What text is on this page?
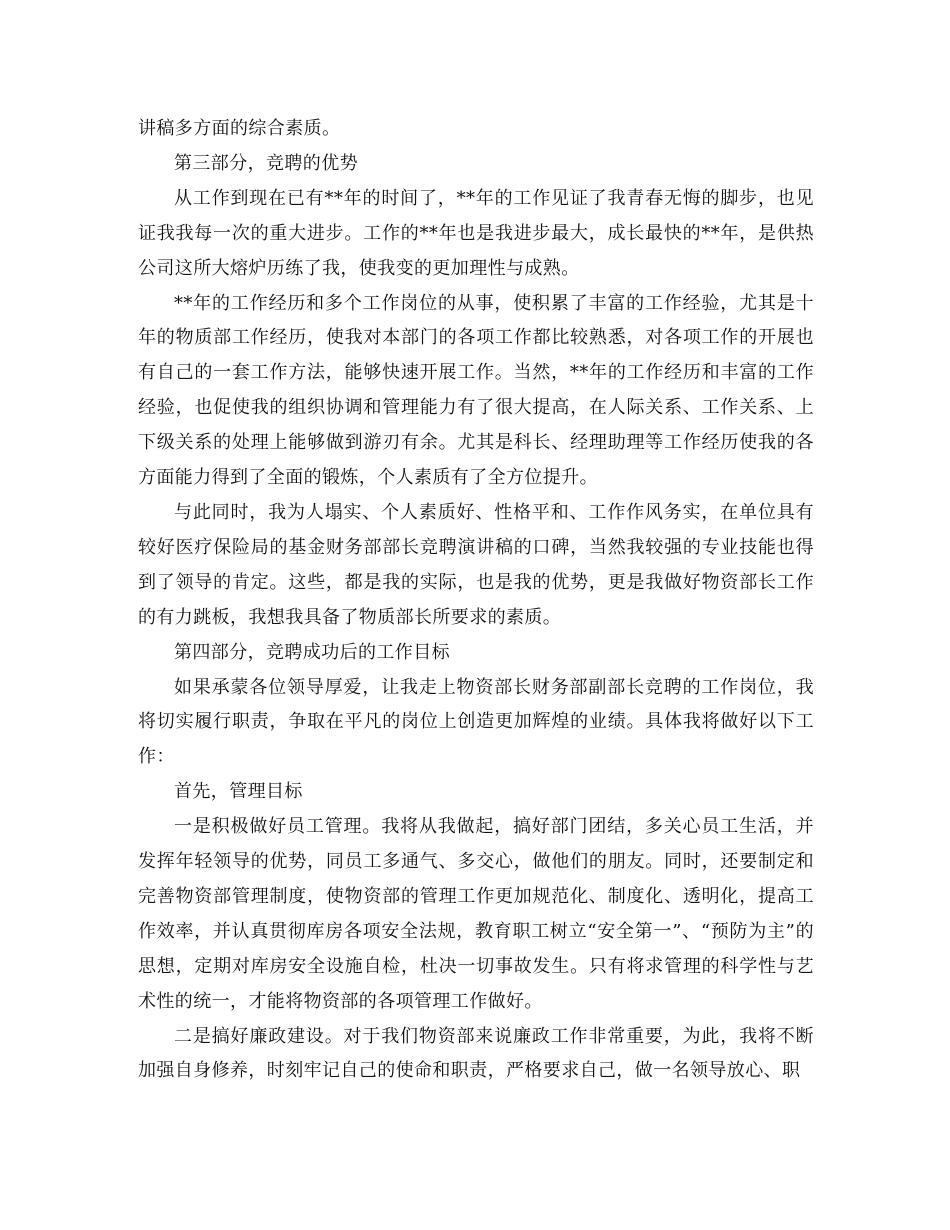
讲稿多方面的综合素质。

第三部分，竞聘的优势

从工作到现在已有**年的时间了，**年的工作见证了我青春无悔的脚步，也见证我我每一次的重大进步。工作的**年也是我进步最大，成长最快的**年，是供热公司这所大熔炉历练了我，使我变的更加理性与成熟。

**年的工作经历和多个工作岗位的从事，使积累了丰富的工作经验，尤其是十年的物质部工作经历，使我对本部门的各项工作都比较熟悉，对各项工作的开展也有自己的一套工作方法，能够快速开展工作。当然，**年的工作经历和丰富的工作经验，也促使我的组织协调和管理能力有了很大提高，在人际关系、工作关系、上下级关系的处理上能够做到游刃有余。尤其是科长、经理助理等工作经历使我的各方面能力得到了全面的锻炼，个人素质有了全方位提升。

与此同时，我为人塌实、个人素质好、性格平和、工作作风务实，在单位具有较好医疗保险局的基金财务部部长竞聘演讲稿的口碑，当然我较强的专业技能也得到了领导的肯定。这些，都是我的实际，也是我的优势，更是我做好物资部长工作的有力跳板，我想我具备了物质部长所要求的素质。

第四部分，竞聘成功后的工作目标

如果承蒙各位领导厚爱，让我走上物资部长财务部副部长竞聘的工作岗位，我将切实履行职责，争取在平凡的岗位上创造更加辉煌的业绩。具体我将做好以下工作：

首先，管理目标

一是积极做好员工管理。我将从我做起，搞好部门团结，多关心员工生活，并发挥年轻领导的优势，同员工多通气、多交心，做他们的朋友。同时，还要制定和完善物资部管理制度，使物资部的管理工作更加规范化、制度化、透明化，提高工作效率，并认真贯彻库房各项安全法规，教育职工树立“安全第一”、“预防为主”的思想，定期对库房安全设施自检，杜决一切事故发生。只有将求管理的科学性与艺术性的统一，才能将物资部的各项管理工作做好。

二是搞好廉政建设。对于我们物资部来说廉政工作非常重要，为此，我将不断加强自身修养，时刻牢记自己的使命和职责，严格要求自己，做一名领导放心、职
